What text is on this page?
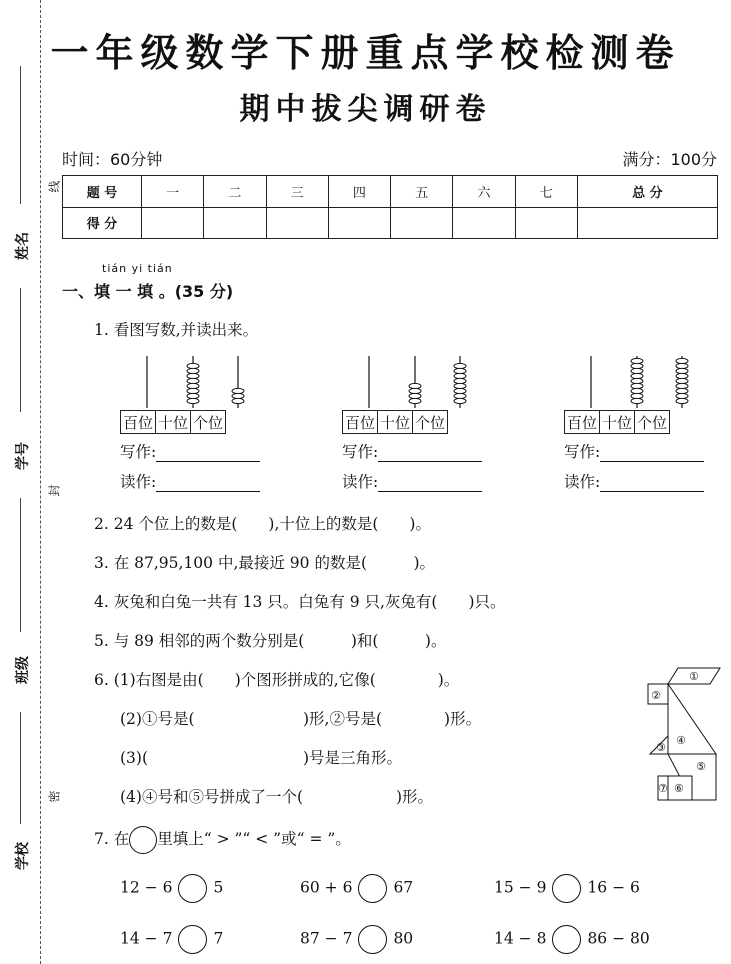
姓名
学号
班级
学校
线
封
密
一年级数学下册重点学校检测卷
期中拔尖调研卷
时间：60分钟	满分：100分
题 号	一	二	三	四	五	六	七	总 分
得 分								
tián yi tián
一、填 一 填 。(35 分)
1. 看图写数,并读出来。
百位	十位	个位
写作:
读作:
百位	十位	个位
写作:
读作:
百位	十位	个位
写作:
读作:
2. 24 个位上的数是(　　),十位上的数是(　　)。
3. 在 87,95,100 中,最接近 90 的数是(　　　)。
4. 灰兔和白兔一共有 13 只。白兔有 9 只,灰兔有(　　)只。
5. 与 89 相邻的两个数分别是(　　　)和(　　　)。
6. (1)右图是由(　　)个图形拼成的,它像(　　　　)。
(2)①号是(　　　　　　　)形,②号是(　　　　)形。
(3)(　　　　　　　　　　)号是三角形。
(4)④号和⑤号拼成了一个(　　　　　　)形。
①
②
③
④
⑤
⑥
⑦
7. 在 里填上“ > ”“ < ”或“ = ”。
12 − 6	5	60 + 6	67	15 − 9	16 − 6
14 − 7	7	87 − 7	80	14 − 8	86 − 80
